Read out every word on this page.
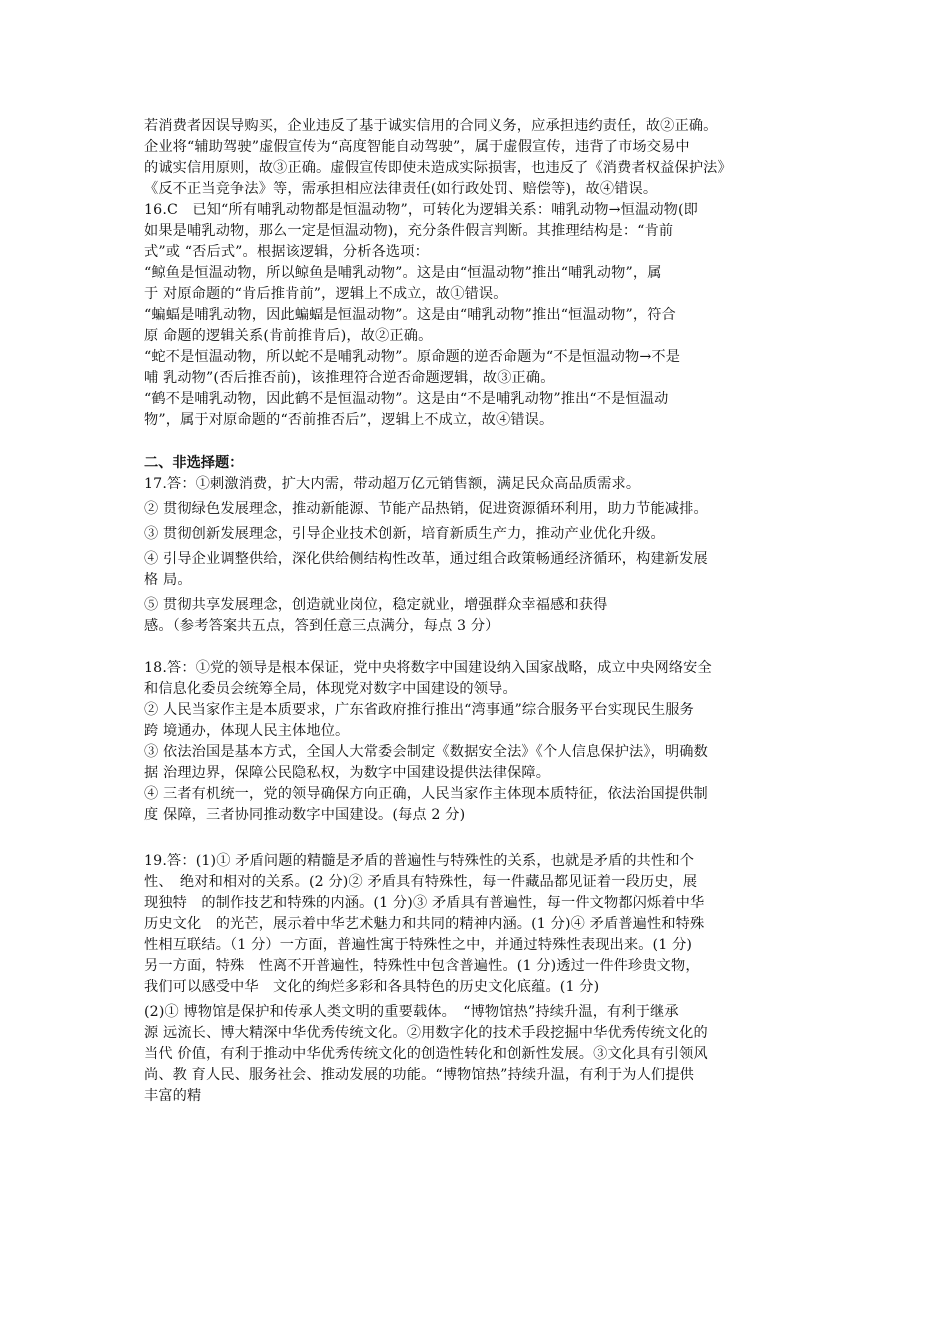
若消费者因误导购买，企业违反了基于诚实信用的合同义务，应承担违约责任，故②正确。
企业将“辅助驾驶”虚假宣传为“高度智能自动驾驶”，属于虚假宣传，违背了市场交易中
的诚实信用原则，故③正确。虚假宣传即使未造成实际损害，也违反了《消费者权益保护法》
《反不正当竞争法》等，需承担相应法律责任(如行政处罚、赔偿等)，故④错误。
16.C　已知“所有哺乳动物都是恒温动物”，可转化为逻辑关系：哺乳动物→恒温动物(即
如果是哺乳动物，那么一定是恒温动物)，充分条件假言判断。其推理结构是：“肯前
式”或 “否后式”。根据该逻辑，分析各选项：
“鲸鱼是恒温动物，所以鲸鱼是哺乳动物”。这是由“恒温动物”推出“哺乳动物”，属
于 对原命题的“肯后推肯前”，逻辑上不成立，故①错误。
“蝙蝠是哺乳动物，因此蝙蝠是恒温动物”。这是由“哺乳动物”推出“恒温动物”，符合
原 命题的逻辑关系(肯前推肯后)，故②正确。
“蛇不是恒温动物，所以蛇不是哺乳动物”。原命题的逆否命题为“不是恒温动物→不是
哺 乳动物”(否后推否前)，该推理符合逆否命题逻辑，故③正确。
“鹤不是哺乳动物，因此鹤不是恒温动物”。这是由“不是哺乳动物”推出“不是恒温动
物”，属于对原命题的“否前推否后”，逻辑上不成立，故④错误。
二、非选择题：
17.答：①刺激消费，扩大内需，带动超万亿元销售额，满足民众高品质需求。
② 贯彻绿色发展理念，推动新能源、节能产品热销，促进资源循环利用，助力节能减排。
③ 贯彻创新发展理念，引导企业技术创新，培育新质生产力，推动产业优化升级。
④ 引导企业调整供给，深化供给侧结构性改革，通过组合政策畅通经济循环，构建新发展
格 局。
⑤ 贯彻共享发展理念，创造就业岗位，稳定就业，增强群众幸福感和获得
感。（参考答案共五点，答到任意三点满分，每点 3 分）
18.答：①党的领导是根本保证，党中央将数字中国建设纳入国家战略，成立中央网络安全
和信息化委员会统筹全局，体现党对数字中国建设的领导。
② 人民当家作主是本质要求，广东省政府推行推出“湾事通”综合服务平台实现民生服务
跨 境通办，体现人民主体地位。
③ 依法治国是基本方式，全国人大常委会制定《数据安全法》《个人信息保护法》，明确数
据 治理边界，保障公民隐私权，为数字中国建设提供法律保障。
④ 三者有机统一，党的领导确保方向正确，人民当家作主体现本质特征，依法治国提供制
度 保障，三者协同推动数字中国建设。(每点 2 分)
19.答：(1)① 矛盾问题的精髓是矛盾的普遍性与特殊性的关系，也就是矛盾的共性和个
性、　绝对和相对的关系。(2 分)② 矛盾具有特殊性，每一件藏品都见证着一段历史，展
现独特　的制作技艺和特殊的内涵。(1 分)③ 矛盾具有普遍性，每一件文物都闪烁着中华
历史文化　的光芒，展示着中华艺术魅力和共同的精神内涵。(1 分)④ 矛盾普遍性和特殊
性相互联结。（1 分）一方面，普遍性寓于特殊性之中，并通过特殊性表现出来。(1 分)
另一方面，特殊　性离不开普遍性，特殊性中包含普遍性。(1 分)透过一件件珍贵文物，
我们可以感受中华　文化的绚烂多彩和各具特色的历史文化底蕴。(1 分)
(2)① 博物馆是保护和传承人类文明的重要载体。　“博物馆热”持续升温，有利于继承
源 远流长、博大精深中华优秀传统文化。②用数字化的技术手段挖掘中华优秀传统文化的
当代 价值，有利于推动中华优秀传统文化的创造性转化和创新性发展。③文化具有引领风
尚、教 育人民、服务社会、推动发展的功能。“博物馆热”持续升温，有利于为人们提供
丰富的精
